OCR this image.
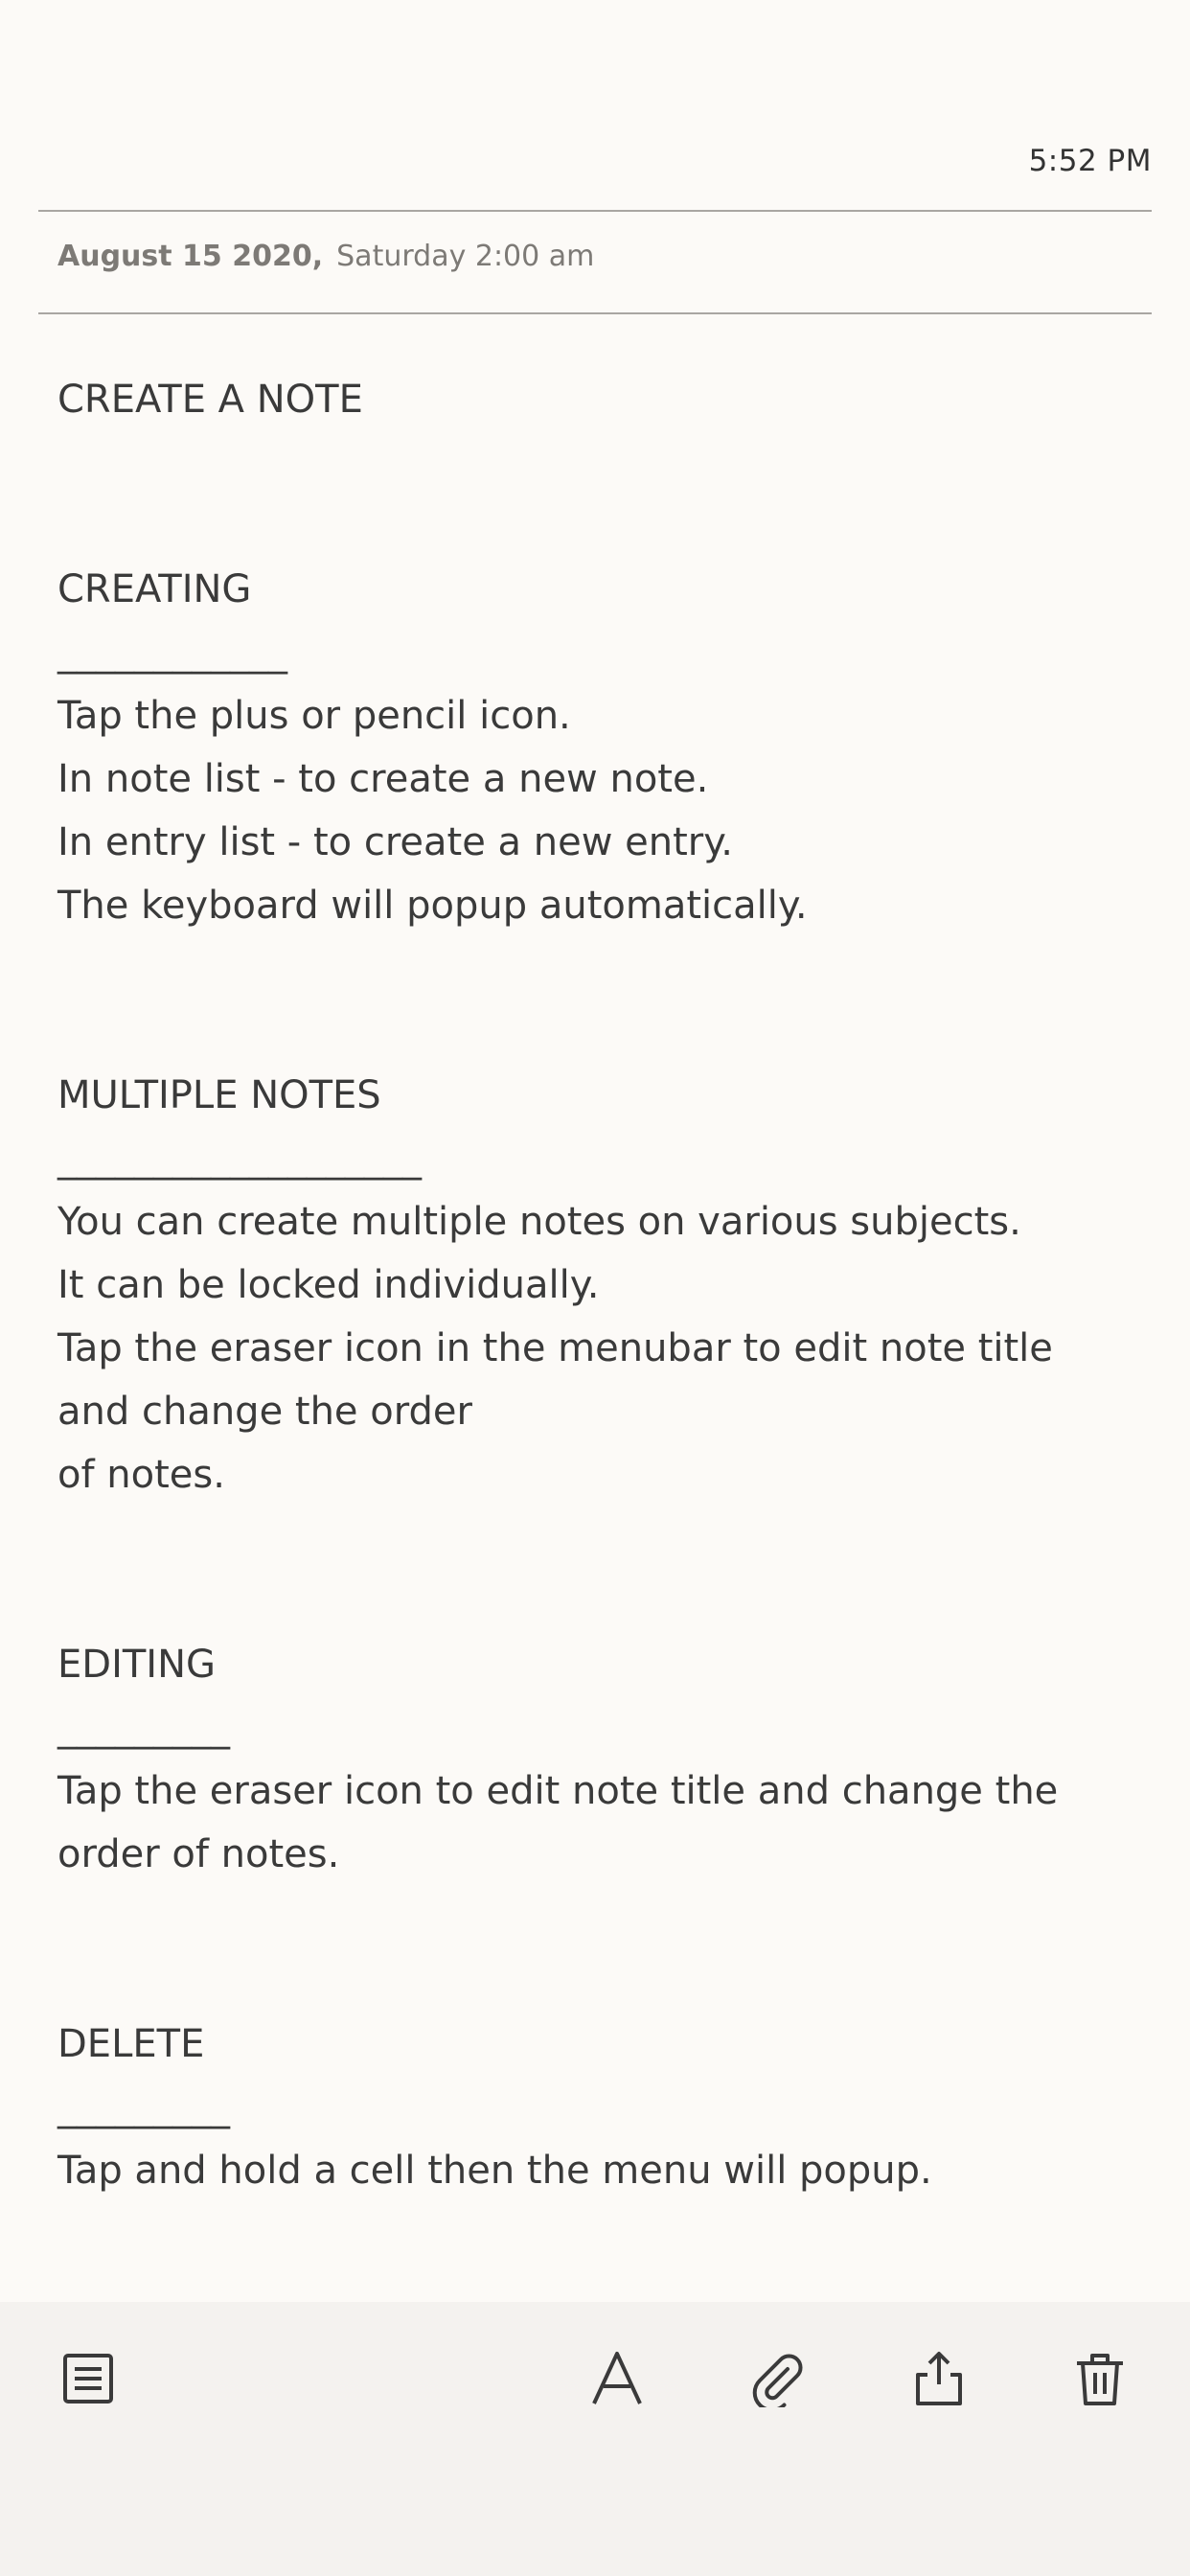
5:52 PM
August 15 2020, Saturday 2:00 am
CREATE A NOTE
CREATING
____________
Tap the plus or pencil icon.
In note list - to create a new note.
In entry list - to create a new entry.
The keyboard will popup automatically.
MULTIPLE NOTES
___________________
You can create multiple notes on various subjects.
It can be locked individually.
Tap the eraser icon in the menubar to edit note title
and change the order
of notes.
EDITING
_________
Tap the eraser icon to edit note title and change the
order of notes.
DELETE
_________
Tap and hold a cell then the menu will popup.
